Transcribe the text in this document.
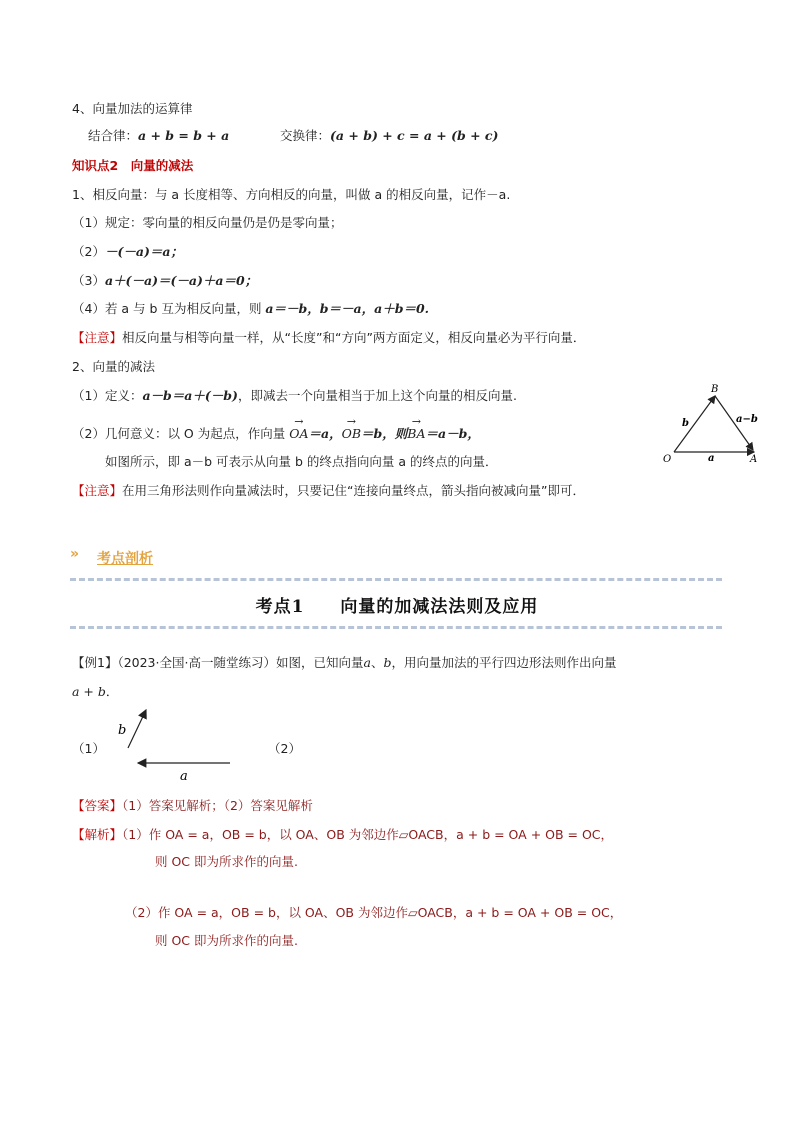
4、向量加法的运算律
结合律：a + b = b + a	交换律：(a + b) + c = a + (b + c)
知识点2　向量的减法
1、相反向量：与 a 长度相等、方向相反的向量，叫做 a 的相反向量，记作－a.
（1）规定：零向量的相反向量仍是仍是零向量；
（2）－(－a)＝a；
（3）a＋(－a)＝(－a)＋a＝0；
（4）若 a 与 b 互为相反向量，则 a＝－b，b＝－a，a＋b＝0.
【注意】相反向量与相等向量一样，从“长度”和“方向”两方面定义，相反向量必为平行向量．
2、向量的减法
（1）定义：a－b＝a＋(－b)，即减去一个向量相当于加上这个向量的相反向量.
（2）几何意义：以 O 为起点，作向量 → OA＝a，→ OB＝b，则→ BA＝a－b，
如图所示，即 a－b 可表示从向量 b 的终点指向向量 a 的终点的向量．
【注意】在用三角形法则作向量减法时，只要记住“连接向量终点，箭头指向被减向量”即可．
O	A
B
a
b	a−b
» 考点剖析
考点1　　向量的加减法法则及应用
【例1】（2023·全国·高一随堂练习）如图，已知向量a、b，用向量加法的平行四边形法则作出向量
a + b．
（1）	（2）
b
a
【答案】（1）答案见解析；（2）答案见解析
【解析】（1）作 OA = a，OB = b，以 OA、OB 为邻边作▱OACB，a + b = OA + OB = OC，
则 OC 即为所求作的向量.
（2）作 OA = a，OB = b，以 OA、OB 为邻边作▱OACB，a + b = OA + OB = OC，
则 OC 即为所求作的向量.
